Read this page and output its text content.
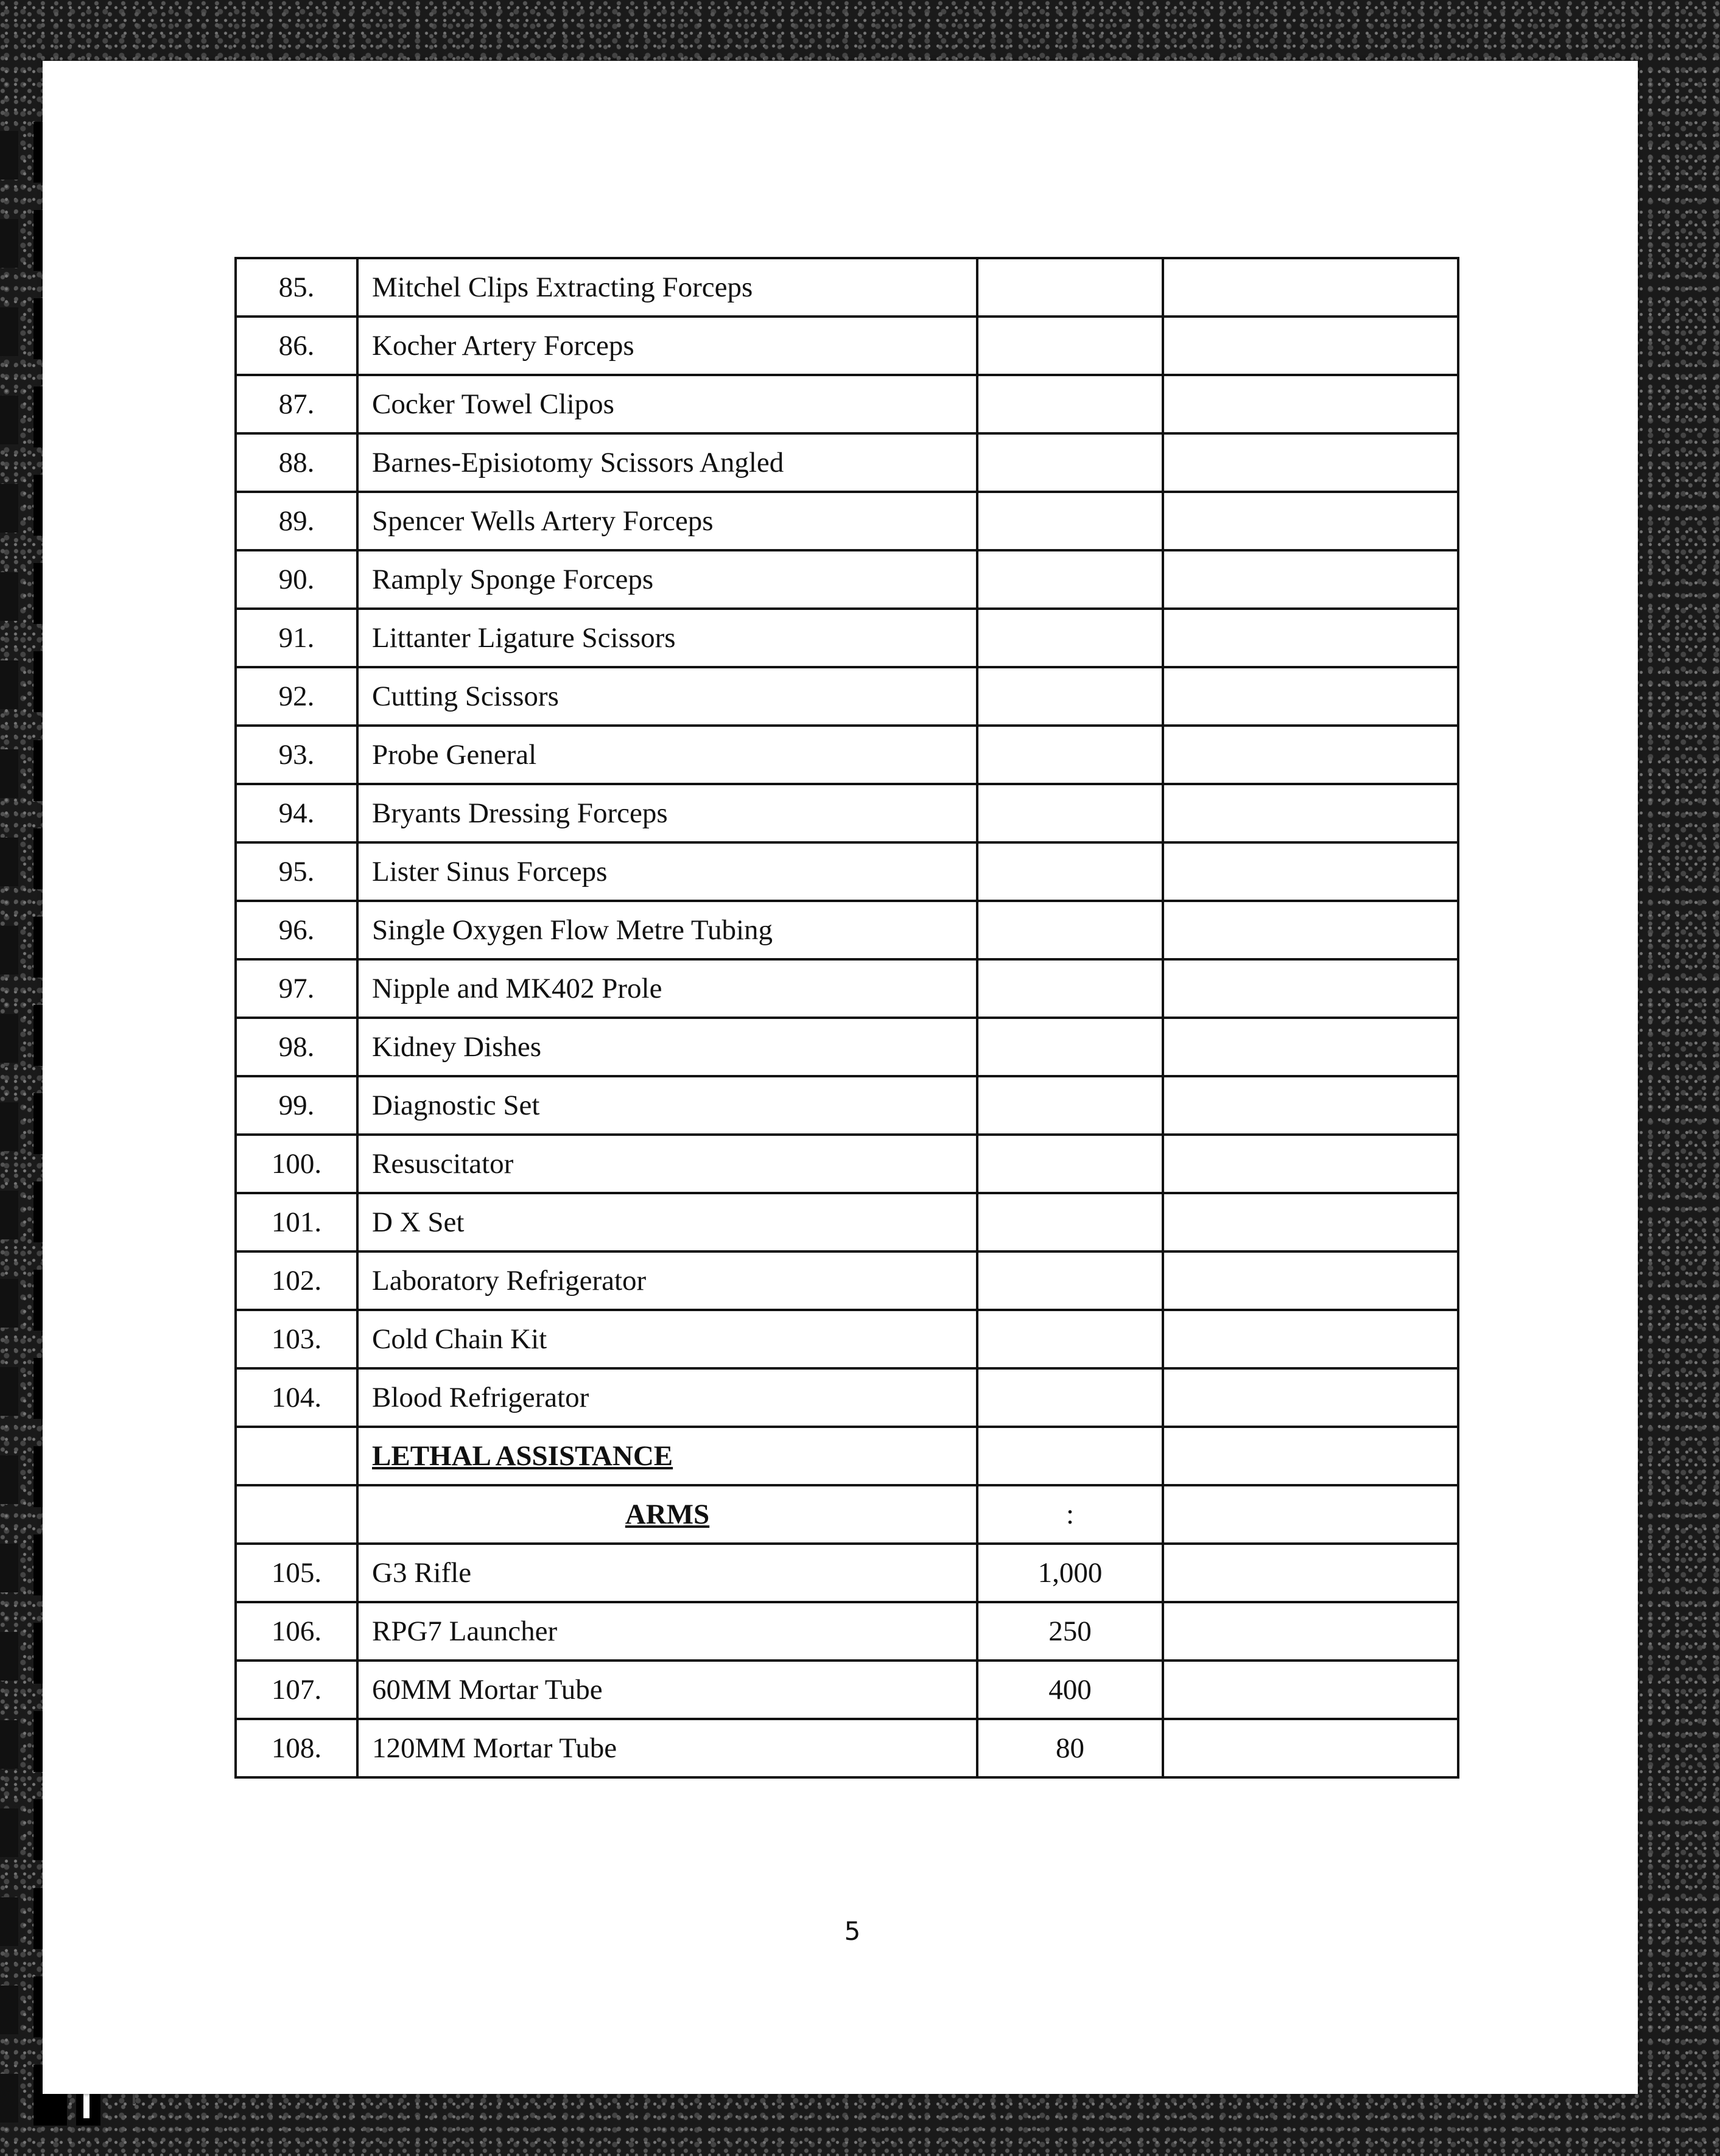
85.	Mitchel Clips Extracting Forceps		
86.	Kocher Artery Forceps		
87.	Cocker Towel Clipos		
88.	Barnes-Episiotomy Scissors Angled		
89.	Spencer Wells Artery Forceps		
90.	Ramply Sponge Forceps		
91.	Littanter Ligature Scissors		
92.	Cutting Scissors		
93.	Probe General		
94.	Bryants Dressing Forceps		
95.	Lister Sinus Forceps		
96.	Single Oxygen Flow Metre Tubing		
97.	Nipple and MK402 Prole		
98.	Kidney Dishes		
99.	Diagnostic Set		
100.	Resuscitator		
101.	D X Set		
102.	Laboratory Refrigerator		
103.	Cold Chain Kit		
104.	Blood Refrigerator		
	LETHAL ASSISTANCE		
	ARMS	:	
105.	G3 Rifle	1,000	
106.	RPG7 Launcher	250	
107.	60MM Mortar Tube	400	
108.	120MM Mortar Tube	80	
5
